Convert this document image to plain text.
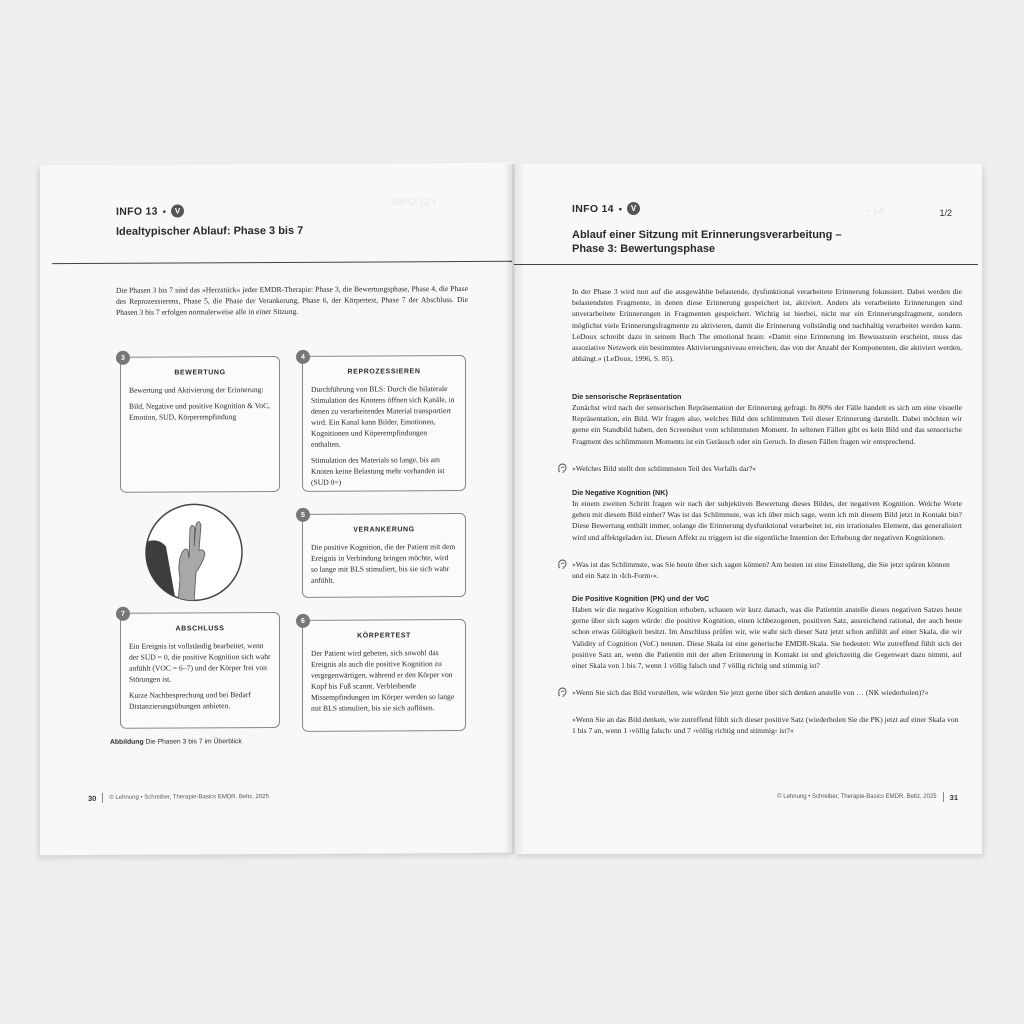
INFO 12 •
INFO 13 •	V
Idealtypischer Ablauf: Phase 3 bis 7
Die Phasen 3 bis 7 sind das »Herzstück« jeder EMDR-Therapie: Phase 3, die Bewertungsphase, Phase 4, die Phase des Reprozessierens, Phase 5, die Phase der Verankerung, Phase 6, der Körpertest, Phase 7 der Abschluss. Die Phasen 3 bis 7 erfolgen normalerweise alle in einer Sitzung.
BEWERTUNG

Bewertung und Aktivierung der Erinnerung:

Bild, Negative und positive Kognition & VoC, Emotion, SUD, Körperempfindung

3
REPROZESSIEREN

Durchführung von BLS: Durch die bilaterale Stimulation des Knotens öffnen sich Kanäle, in denen zu verarbeitendes Material transportiert wird. Ein Kanal kann Bilder, Emotionen, Kognitionen und Köperempfindungen enthalten.

Stimulation des Materials so lange, bis am Knoten keine Belastung mehr vorhanden ist (SUD 0=)

4
VERANKERUNG

Die positive Kognition, die der Patient mit dem Ereignis in Verbindung bringen möchte, wird so lange mit BLS stimuliert, bis sie sich wahr anfühlt.

5
ABSCHLUSS

Ein Ereignis ist vollständig bearbeitet, wenn der SUD = 0, die positive Kognition sich wahr anfühlt (VOC = 6–7) und der Körper frei von Störungen ist.

Kurze Nachbesprechung und bei Bedarf Distanzierungsübungen anbieten.

7
KÖRPERTEST

Der Patient wird gebeten, sich sowohl das Ereignis als auch die positive Kognition zu vergegenwärtigen, während er den Körper von Kopf bis Fuß scannt. Verbleibende Missempfindungen im Körper werden so lange mit BLS stimuliert, bis sie sich auflösen.

6
Abbildung Die Phasen 3 bis 7 im Überblick
30 © Lehnung • Schreiber, Therapie-Basics EMDR. Beltz, 2025
• 14
INFO 14 •	V	1/2
Ablauf einer Sitzung mit Erinnerungsverarbeitung –
Phase 3: Bewertungsphase
In der Phase 3 wird nun auf die ausgewählte belastende, dysfunktional verarbeitete Erinnerung fokussiert. Dabei werden die belastendsten Fragmente, in denen diese Erinnerung gespeichert ist, aktiviert. Anders als verarbeitete Erinnerungen sind unverarbeitete Erinnerungen in Fragmenten gespeichert. Wichtig ist hierbei, nicht nur ein Erinnerungsfragment, sondern möglichst viele Erinnerungsfragmente zu aktivieren, damit die Erinnerung vollständig und nachhaltig verarbeitet werden kann. LeDoux schreibt dazu in seinem Buch The emotional brain: »Damit eine Erinnerung im Bewusstsein erscheint, muss das assoziative Netzwerk ein bestimmtes Aktivierungsniveau erreichen, das von der Anzahl der Komponenten, die aktiviert werden, abhängt.« (LeDoux, 1996, S. 85).
Die sensorische Repräsentation
Zunächst wird nach der sensorischen Repräsentation der Erinnerung gefragt. In 80% der Fälle handelt es sich um eine visuelle Repräsentation, ein Bild. Wir fragen also, welches Bild den schlimmsten Teil dieser Erinnerung darstellt. Dabei möchten wir gerne ein Standbild haben, den Screenshot vom schlimmsten Moment. In seltenen Fällen gibt es kein Bild und das sensorische Fragment des schlimmsten Moments ist ein Geräusch oder ein Geruch. In diesen Fällen fragen wir entsprechend.
»Welches Bild stellt den schlimmsten Teil des Vorfalls dar?«
Die Negative Kognition (NK)
In einem zweiten Schritt fragen wir nach der subjektiven Bewertung dieses Bildes, der negativen Kognition. Welche Worte gehen mit diesem Bild einher? Was ist das Schlimmste, was ich über mich sage, wenn ich mit diesem Bild jetzt in Kontakt bin? Diese Bewertung enthält immer, solange die Erinnerung dysfunktional verarbeitet ist, ein irrationales Element, das generalisiert wird und affektgeladen ist. Diesen Affekt zu triggern ist die eigentliche Intention der Erhebung der negativen Kognitionen.
»Was ist das Schlimmste, was Sie heute über sich sagen können? Am besten ist eine Einstellung, die Sie jetzt spüren können und ein Satz in ›Ich-Form‹«.
Die Positive Kognition (PK) und der VoC
Haben wir die negative Kognition erhoben, schauen wir kurz danach, was die Patientin anstelle dieses negativen Satzes heute gerne über sich sagen würde: die positive Kognition, einen ichbezogenen, positiven Satz, ausreichend rational, der auch heute schon etwas Gültigkeit besitzt. Im Anschluss prüfen wir, wie wahr sich dieser Satz jetzt schon anfühlt auf einer Skala, die wir Validity of Cognition (VoC) nennen. Diese Skala ist eine generische EMDR-Skala. Sie bedeutet: Wie zutreffend fühlt sich der positive Satz an, wenn die Patientin mit der alten Erinnerung in Kontakt ist und gleichzeitig die Gegenwart dazu nimmt, auf einer Skala von 1 bis 7, wenn 1 völlig falsch und 7 völlig richtig und stimmig ist?
»Wenn Sie sich das Bild vorstellen, wie würden Sie jetzt gerne über sich denken anstelle von … (NK wiederholen)?«
»Wenn Sie an das Bild denken, wie zutreffend fühlt sich dieser positive Satz (wiederholen Sie die PK) jetzt auf einer Skala von 1 bis 7 an, wenn 1 ›völlig falsch‹ und 7 ›völlig richtig und stimmig‹ ist?«
© Lehnung • Schreiber, Therapie-Basics EMDR. Beltz, 2025 31
